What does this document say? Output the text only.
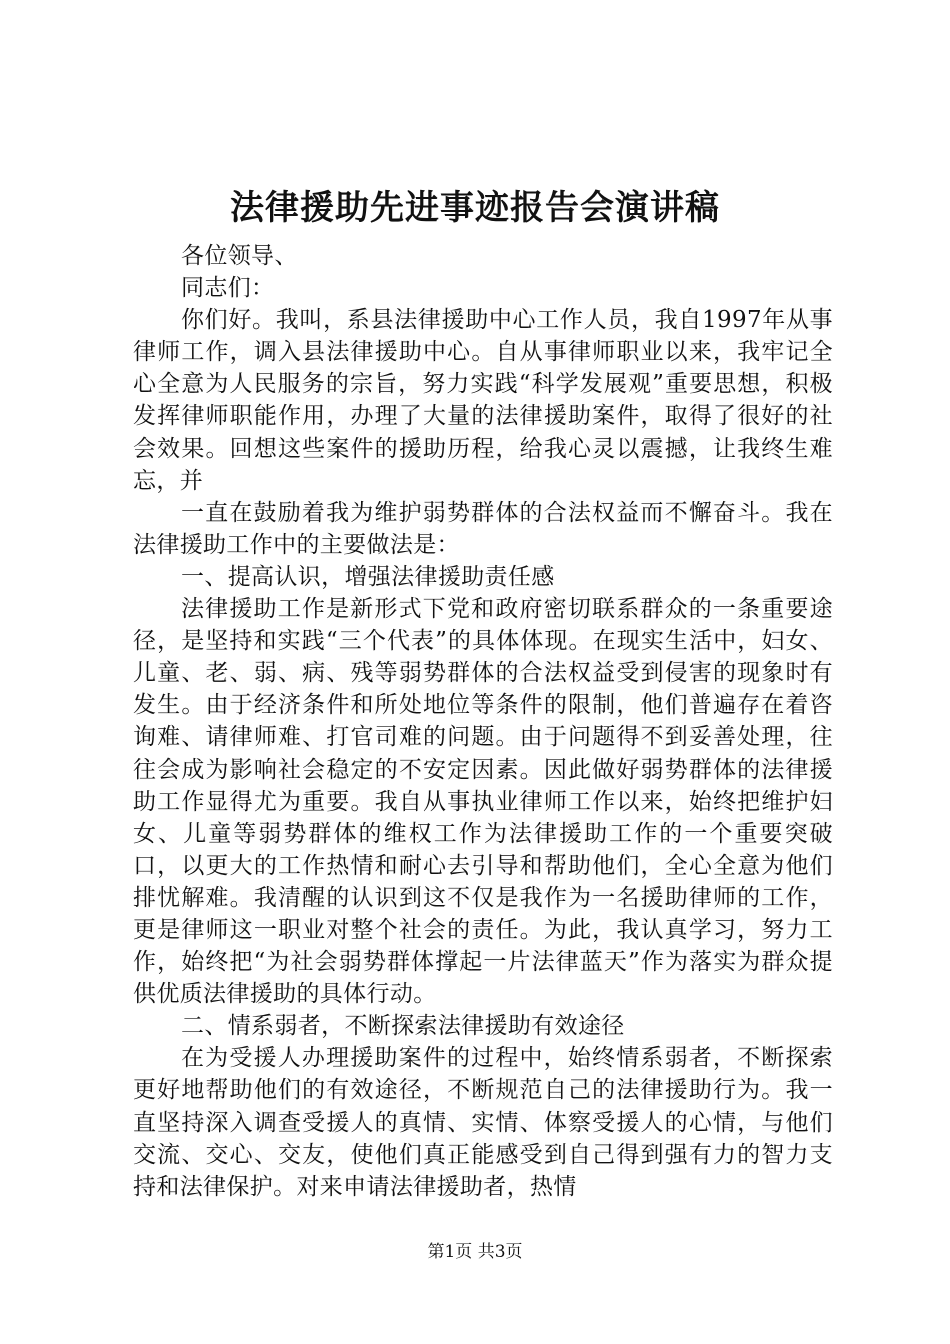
法律援助先进事迹报告会演讲稿

各位领导、

同志们：

你们好。我叫，系县法律援助中心工作人员，我自1997年从事律师工作，调入县法律援助中心。自从事律师职业以来，我牢记全心全意为人民服务的宗旨，努力实践“科学发展观”重要思想，积极发挥律师职能作用，办理了大量的法律援助案件，取得了很好的社会效果。回想这些案件的援助历程，给我心灵以震撼，让我终生难忘，并

一直在鼓励着我为维护弱势群体的合法权益而不懈奋斗。我在法律援助工作中的主要做法是：

一、提高认识，增强法律援助责任感

法律援助工作是新形式下党和政府密切联系群众的一条重要途径，是坚持和实践“三个代表”的具体体现。在现实生活中，妇女、儿童、老、弱、病、残等弱势群体的合法权益受到侵害的现象时有发生。由于经济条件和所处地位等条件的限制，他们普遍存在着咨询难、请律师难、打官司难的问题。由于问题得不到妥善处理，往往会成为影响社会稳定的不安定因素。因此做好弱势群体的法律援助工作显得尤为重要。我自从事执业律师工作以来，始终把维护妇女、儿童等弱势群体的维权工作为法律援助工作的一个重要突破口，以更大的工作热情和耐心去引导和帮助他们，全心全意为他们排忧解难。我清醒的认识到这不仅是我作为一名援助律师的工作，更是律师这一职业对整个社会的责任。为此，我认真学习，努力工作，始终把“为社会弱势群体撑起一片法律蓝天”作为落实为群众提供优质法律援助的具体行动。

二、情系弱者，不断探索法律援助有效途径

在为受援人办理援助案件的过程中，始终情系弱者，不断探索更好地帮助他们的有效途径，不断规范自己的法律援助行为。我一直坚持深入调查受援人的真情、实情、体察受援人的心情，与他们交流、交心、交友，使他们真正能感受到自己得到强有力的智力支持和法律保护。对来申请法律援助者，热情

第1页 共3页
